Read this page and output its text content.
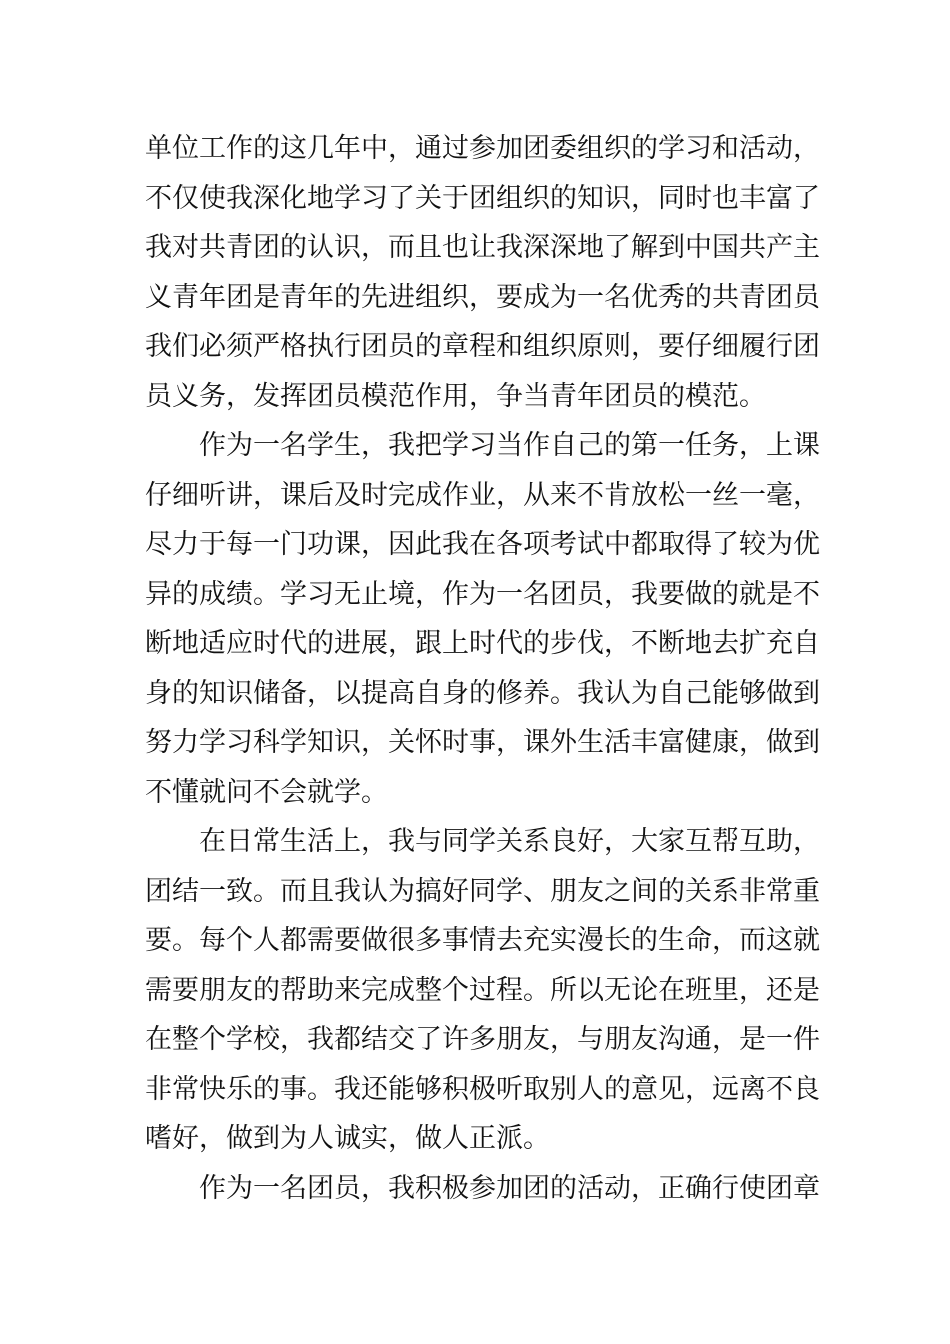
单位工作的这几年中，通过参加团委组织的学习和活动，
不仅使我深化地学习了关于团组织的知识，同时也丰富了
我对共青团的认识，而且也让我深深地了解到中国共产主
义青年团是青年的先进组织，要成为一名优秀的共青团员
我们必须严格执行团员的章程和组织原则，要仔细履行团
员义务，发挥团员模范作用，争当青年团员的模范。
作为一名学生，我把学习当作自己的第一任务，上课
仔细听讲，课后及时完成作业，从来不肯放松一丝一毫，
尽力于每一门功课，因此我在各项考试中都取得了较为优
异的成绩。学习无止境，作为一名团员，我要做的就是不
断地适应时代的进展，跟上时代的步伐，不断地去扩充自
身的知识储备，以提高自身的修养。我认为自己能够做到
努力学习科学知识，关怀时事，课外生活丰富健康，做到
不懂就问不会就学。
在日常生活上，我与同学关系良好，大家互帮互助，
团结一致。而且我认为搞好同学、朋友之间的关系非常重
要。每个人都需要做很多事情去充实漫长的生命，而这就
需要朋友的帮助来完成整个过程。所以无论在班里，还是
在整个学校，我都结交了许多朋友，与朋友沟通，是一件
非常快乐的事。我还能够积极听取别人的意见，远离不良
嗜好，做到为人诚实，做人正派。
作为一名团员，我积极参加团的活动，正确行使团章
